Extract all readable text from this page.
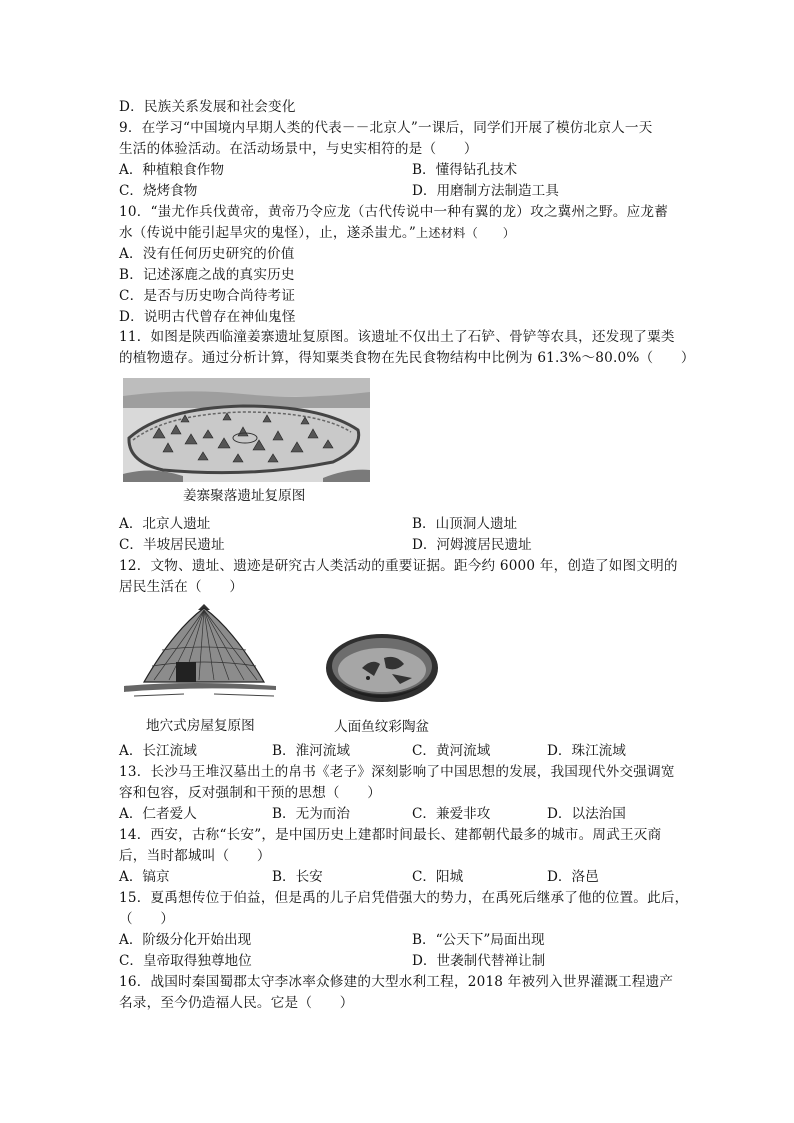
D．民族关系发展和社会变化
9．在学习“中国境内早期人类的代表－－北京人”一课后，同学们开展了模仿北京人一天
生活的体验活动。在活动场景中，与史实相符的是（　　）
A．种植粮食作物	B．懂得钻孔技术
C．烧烤食物	D．用磨制方法制造工具
10．“蚩尤作兵伐黄帝，黄帝乃令应龙（古代传说中一种有翼的龙）攻之冀州之野。应龙蓄
水（传说中能引起旱灾的鬼怪），止，遂杀蚩尤。”上述材料（　　）
A．没有任何历史研究的价值
B．记述涿鹿之战的真实历史
C．是否与历史吻合尚待考证
D．说明古代曾存在神仙鬼怪
11．如图是陕西临潼姜寨遗址复原图。该遗址不仅出土了石铲、骨铲等农具，还发现了粟类
的植物遗存。通过分析计算，得知粟类食物在先民食物结构中比例为 61.3%～80.0%（　　）
姜寨聚落遗址复原图
A．北京人遗址	B．山顶洞人遗址
C．半坡居民遗址	D．河姆渡居民遗址
12．文物、遗址、遗迹是研究古人类活动的重要证据。距今约 6000 年，创造了如图文明的
居民生活在（　　）
地穴式房屋复原图	人面鱼纹彩陶盆
A．长江流域	B．淮河流域	C．黄河流域	D．珠江流域
13．长沙马王堆汉墓出土的帛书《老子》深刻影响了中国思想的发展，我国现代外交强调宽
容和包容，反对强制和干预的思想（　　）
A．仁者爱人	B．无为而治	C．兼爱非攻	D．以法治国
14．西安，古称“长安”，是中国历史上建都时间最长、建都朝代最多的城市。周武王灭商
后，当时都城叫（　　）
A．镐京	B．长安	C．阳城	D．洛邑
15．夏禹想传位于伯益，但是禹的儿子启凭借强大的势力，在禹死后继承了他的位置。此后，
（　　）
A．阶级分化开始出现	B．“公天下”局面出现
C．皇帝取得独尊地位	D．世袭制代替禅让制
16．战国时秦国蜀郡太守李冰率众修建的大型水利工程，2018 年被列入世界灌溉工程遗产
名录，至今仍造福人民。它是（　　）
